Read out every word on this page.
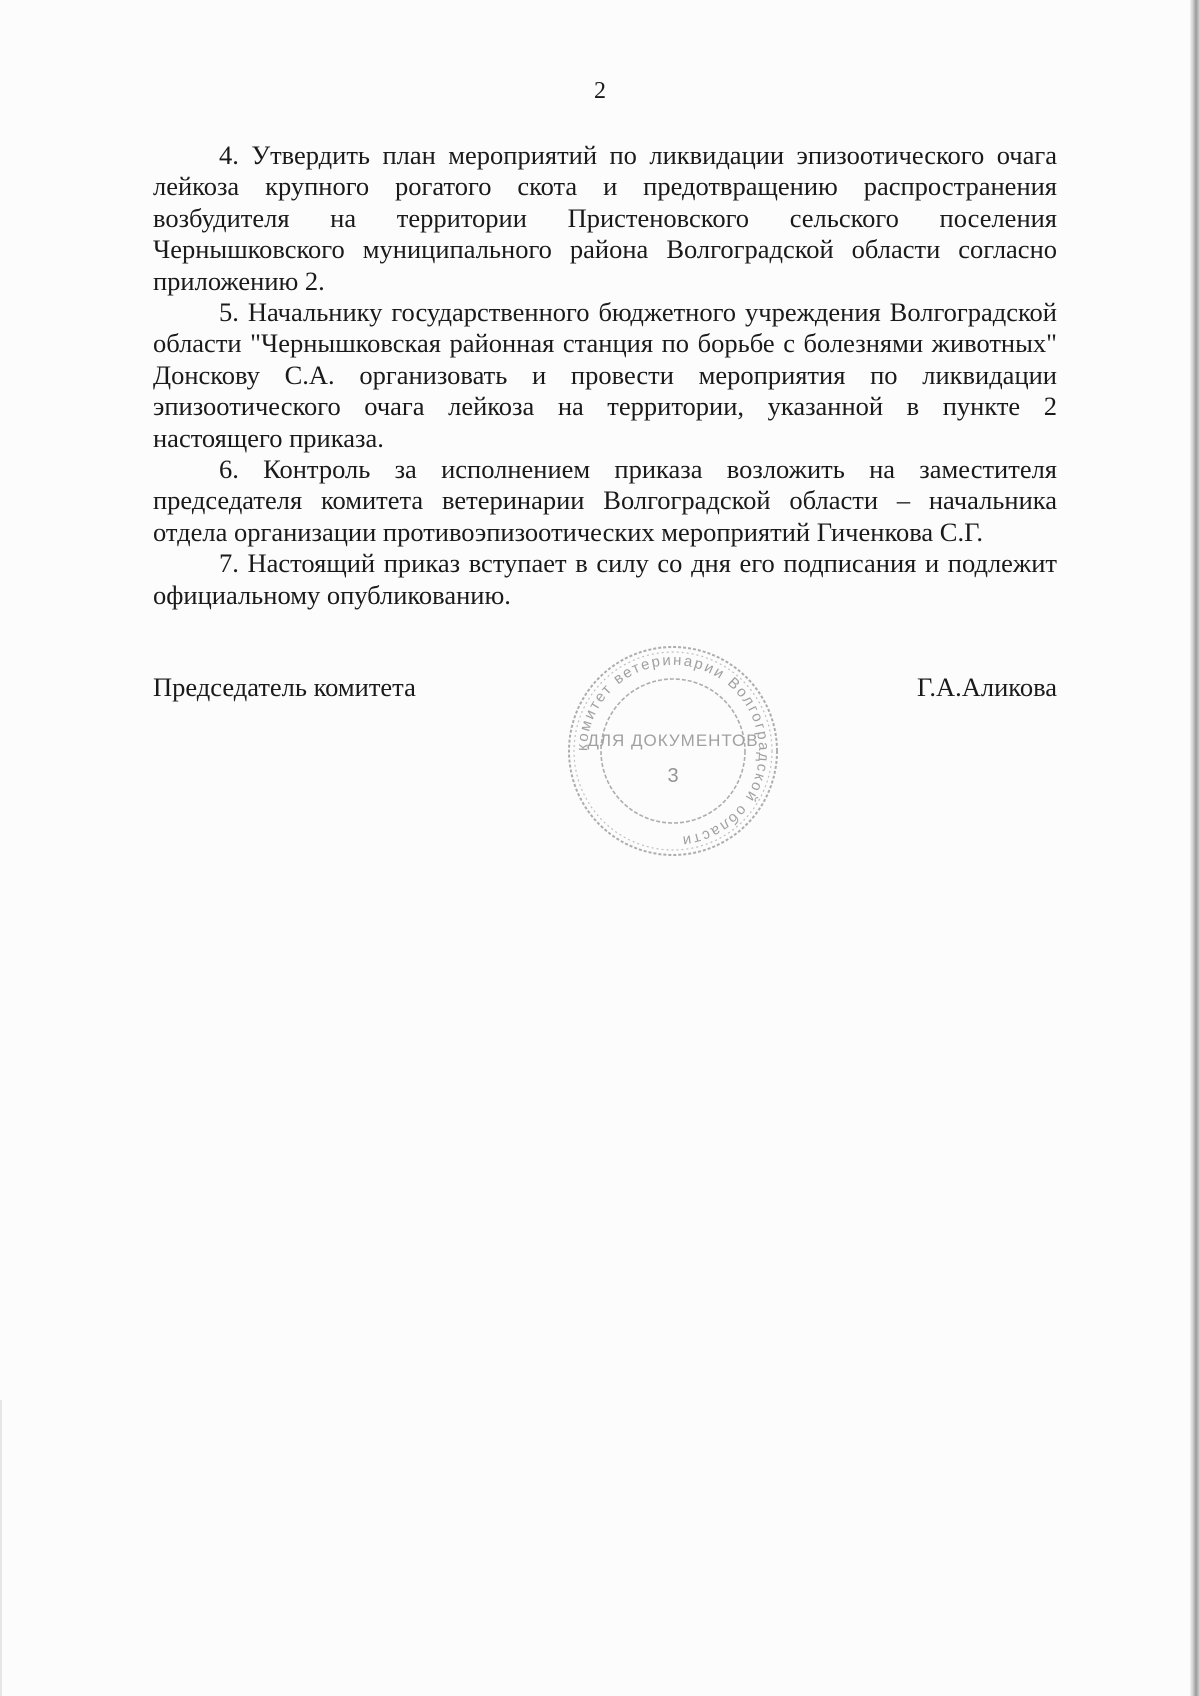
2

4. Утвердить план мероприятий по ликвидации эпизоотического очага лейкоза крупного рогатого скота и предотвращению распространения возбудителя на территории Пристеновского сельского поселения Чернышковского муниципального района Волгоградской области согласно приложению 2.

5. Начальнику государственного бюджетного учреждения Волгоградской области "Чернышковская районная станция по борьбе с болезнями животных" Донскову С.А. организовать и провести мероприятия по ликвидации эпизоотического очага лейкоза на территории, указанной в пункте 2 настоящего приказа.

6. Контроль за исполнением приказа возложить на заместителя председателя комитета ветеринарии Волгоградской области – начальника отдела организации противоэпизоотических мероприятий Гиченкова С.Г.

7. Настоящий приказ вступает в силу со дня его подписания и подлежит официальному опубликованию.

Председатель комитета	Г.А.Аликова
комитет ветеринарии Волгоградской области
ДЛЯ ДОКУМЕНТОВ
3
